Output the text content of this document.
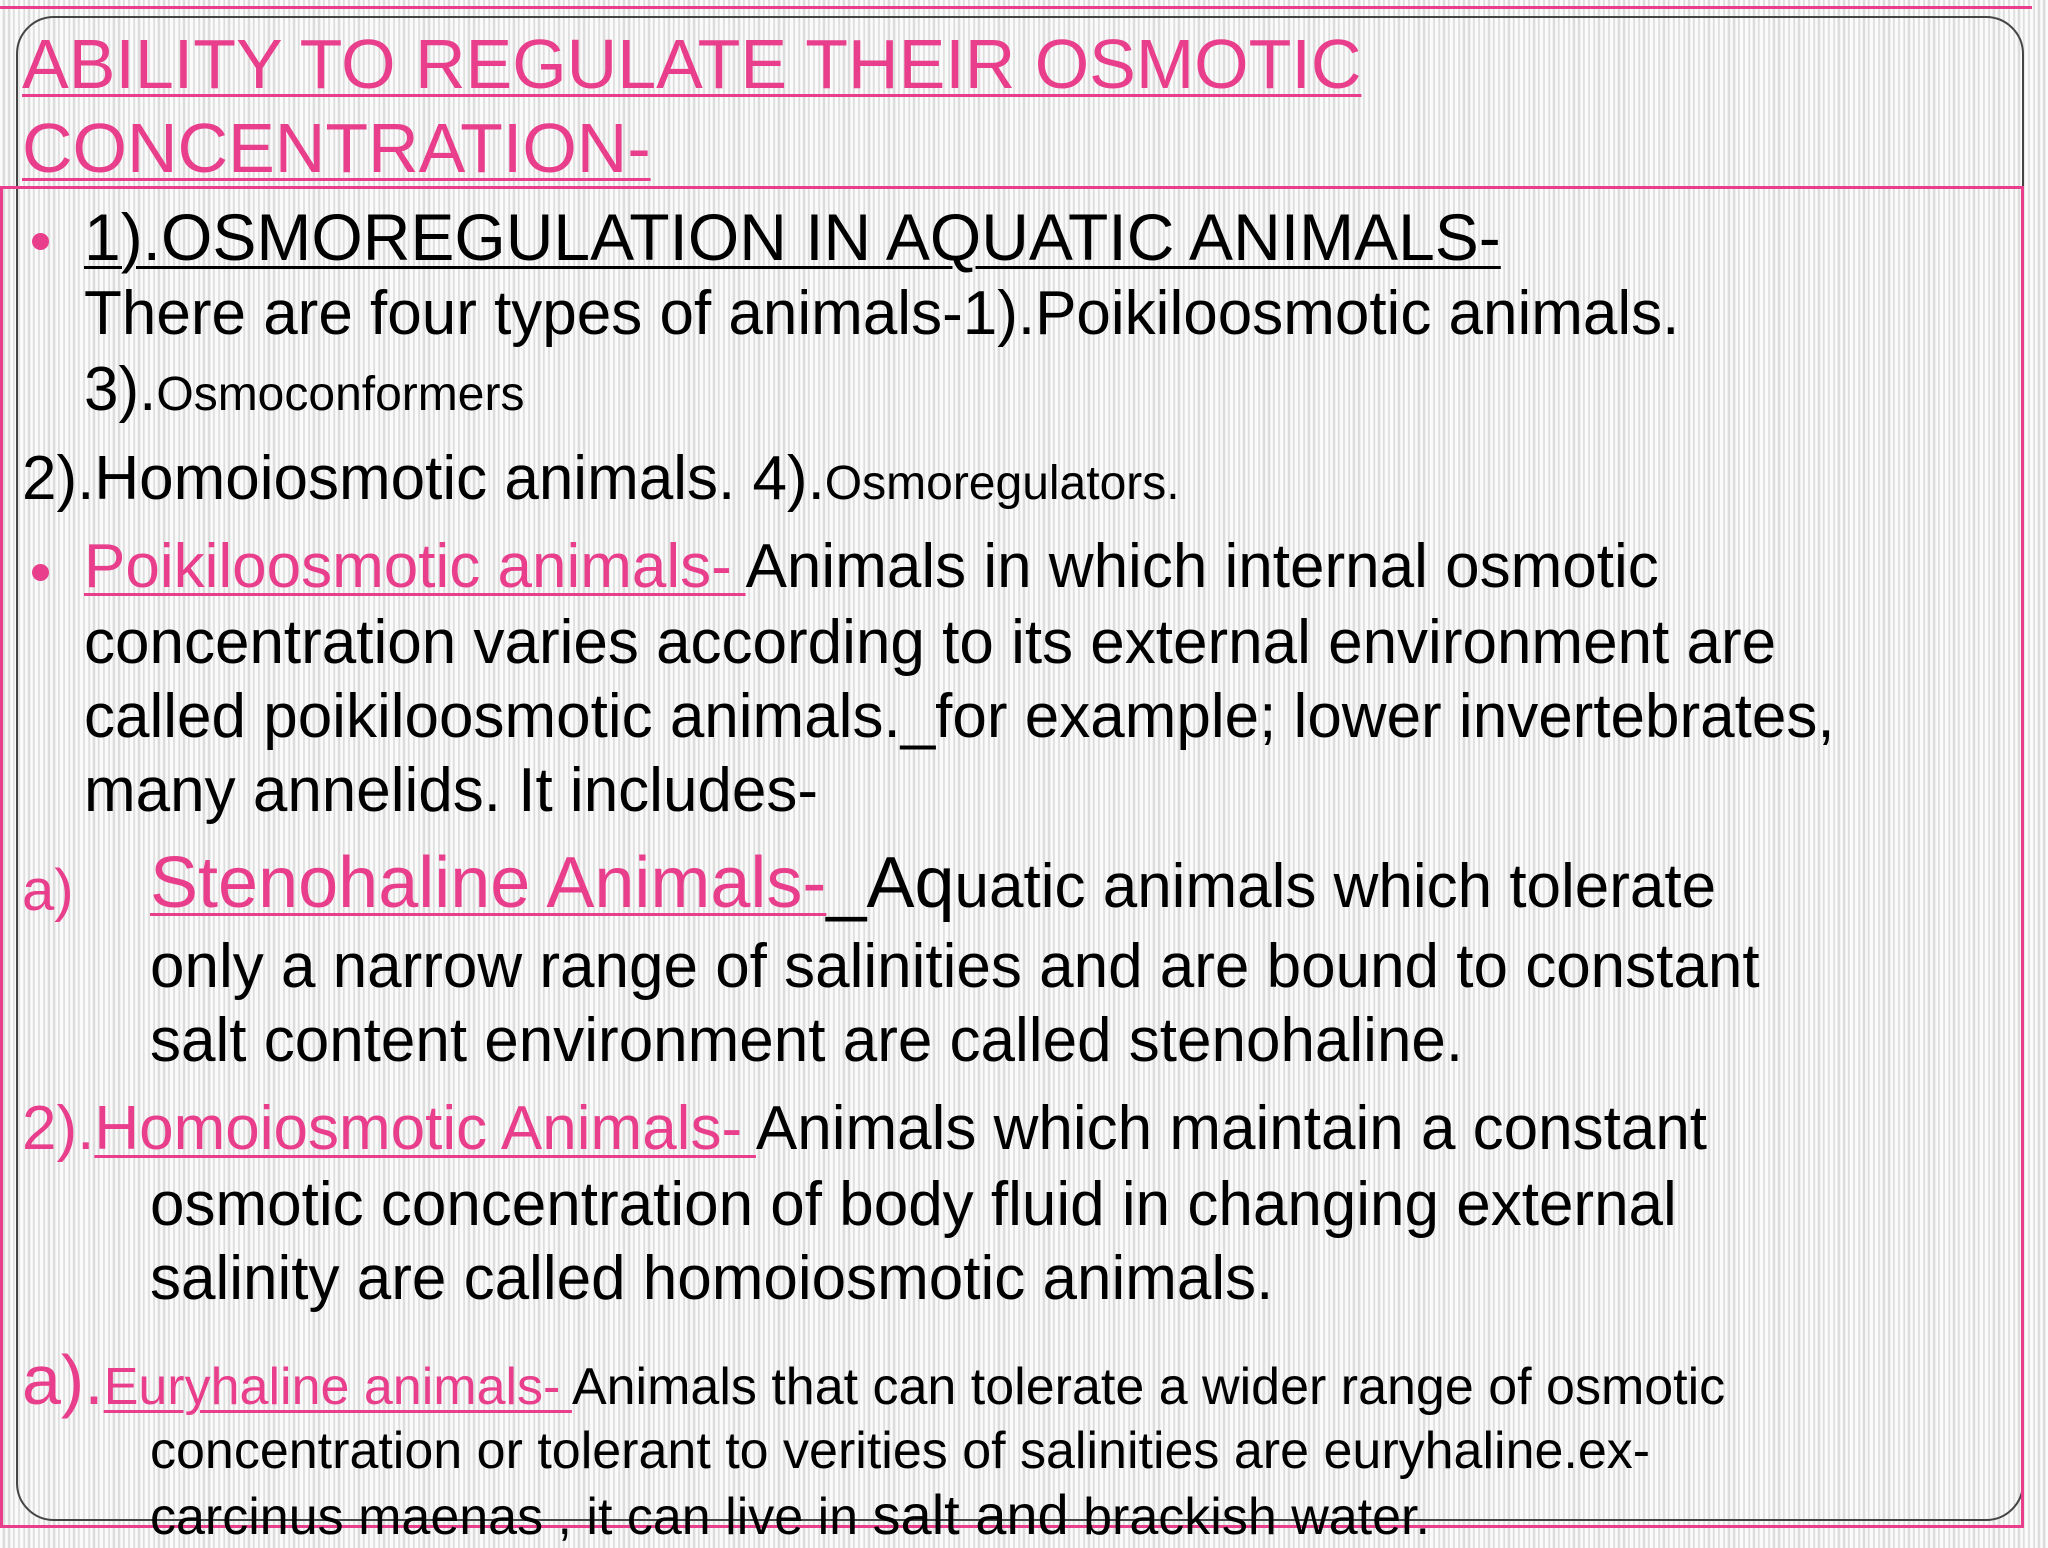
ABILITY TO REGULATE THEIR OSMOTIC
CONCENTRATION-

1).OSMOREGULATION IN AQUATIC ANIMALS-

There are four types of animals-1).Poikiloosmotic animals.

3).Osmoconformers

2).Homoiosmotic animals. 4).Osmoregulators.

Poikiloosmotic animals- Animals in which internal osmotic

concentration varies according to its external environment are

called poikiloosmotic animals._for example; lower invertebrates,

many annelids. It includes-

a) Stenohaline Animals-_Aquatic animals which tolerate

only a narrow range of salinities and are bound to constant

salt content environment are called stenohaline.

2).Homoiosmotic Animals- Animals which maintain a constant

osmotic concentration of body fluid in changing external

salinity are called homoiosmotic animals.

a).Euryhaline animals- Animals that can tolerate a wider range of osmotic

concentration or tolerant to verities of salinities are euryhaline.ex-

carcinus maenas , it can live in salt and brackish water.
